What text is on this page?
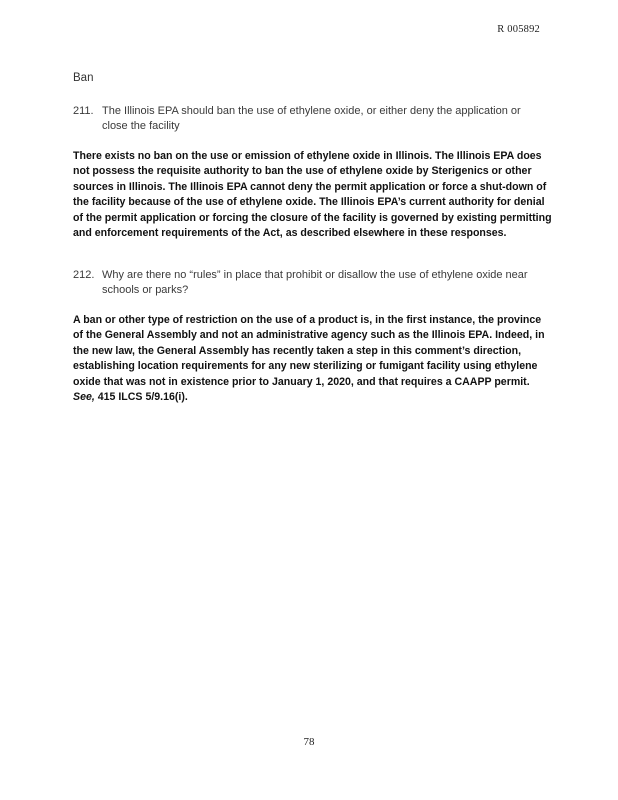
R 005892
Ban
211. The Illinois EPA should ban the use of ethylene oxide, or either deny the application or close the facility
There exists no ban on the use or emission of ethylene oxide in Illinois. The Illinois EPA does not possess the requisite authority to ban the use of ethylene oxide by Sterigenics or other sources in Illinois. The Illinois EPA cannot deny the permit application or force a shut-down of the facility because of the use of ethylene oxide. The Illinois EPA’s current authority for denial of the permit application or forcing the closure of the facility is governed by existing permitting and enforcement requirements of the Act, as described elsewhere in these responses.
212. Why are there no “rules” in place that prohibit or disallow the use of ethylene oxide near schools or parks?
A ban or other type of restriction on the use of a product is, in the first instance, the province of the General Assembly and not an administrative agency such as the Illinois EPA. Indeed, in the new law, the General Assembly has recently taken a step in this comment’s direction, establishing location requirements for any new sterilizing or fumigant facility using ethylene oxide that was not in existence prior to January 1, 2020, and that requires a CAAPP permit. See, 415 ILCS 5/9.16(i).
78
